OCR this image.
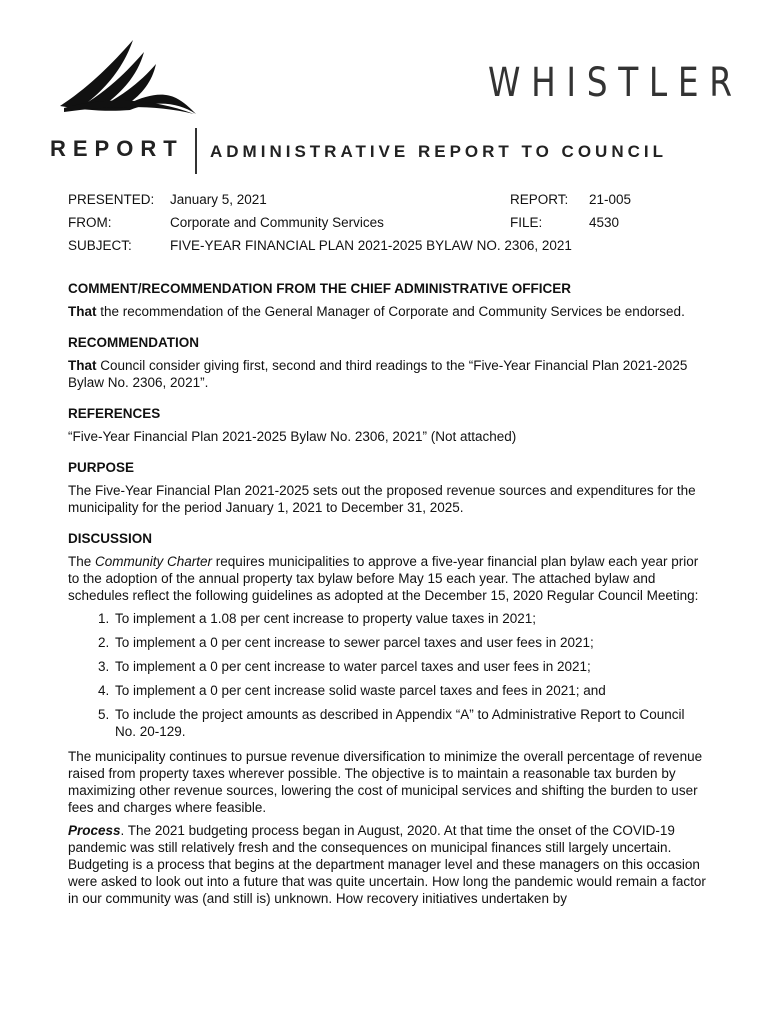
WHISTLER
REPORT ADMINISTRATIVE REPORT TO COUNCIL
PRESENTED: January 5, 2021	REPORT: 21-005
FROM:	Corporate and Community Services	FILE:	4530
SUBJECT:	FIVE-YEAR FINANCIAL PLAN 2021-2025 BYLAW NO. 2306, 2021
COMMENT/RECOMMENDATION FROM THE CHIEF ADMINISTRATIVE OFFICER

That the recommendation of the General Manager of Corporate and Community Services be endorsed.

RECOMMENDATION

That Council consider giving first, second and third readings to the “Five-Year Financial Plan 2021-2025 Bylaw No. 2306, 2021”.

REFERENCES

“Five-Year Financial Plan 2021-2025 Bylaw No. 2306, 2021” (Not attached)

PURPOSE

The Five-Year Financial Plan 2021-2025 sets out the proposed revenue sources and expenditures for the municipality for the period January 1, 2021 to December 31, 2025.

DISCUSSION

The Community Charter requires municipalities to approve a five-year financial plan bylaw each year prior to the adoption of the annual property tax bylaw before May 15 each year. The attached bylaw and schedules reflect the following guidelines as adopted at the December 15, 2020 Regular Council Meeting:

1. To implement a 1.08 per cent increase to property value taxes in 2021;
2. To implement a 0 per cent increase to sewer parcel taxes and user fees in 2021;
3. To implement a 0 per cent increase to water parcel taxes and user fees in 2021;
4. To implement a 0 per cent increase solid waste parcel taxes and fees in 2021; and
5. To include the project amounts as described in Appendix “A” to Administrative Report to Council No. 20-129.

The municipality continues to pursue revenue diversification to minimize the overall percentage of revenue raised from property taxes wherever possible. The objective is to maintain a reasonable tax burden by maximizing other revenue sources, lowering the cost of municipal services and shifting the burden to user fees and charges where feasible.

Process. The 2021 budgeting process began in August, 2020. At that time the onset of the COVID-19 pandemic was still relatively fresh and the consequences on municipal finances still largely uncertain. Budgeting is a process that begins at the department manager level and these managers on this occasion were asked to look out into a future that was quite uncertain. How long the pandemic would remain a factor in our community was (and still is) unknown. How recovery initiatives undertaken by
